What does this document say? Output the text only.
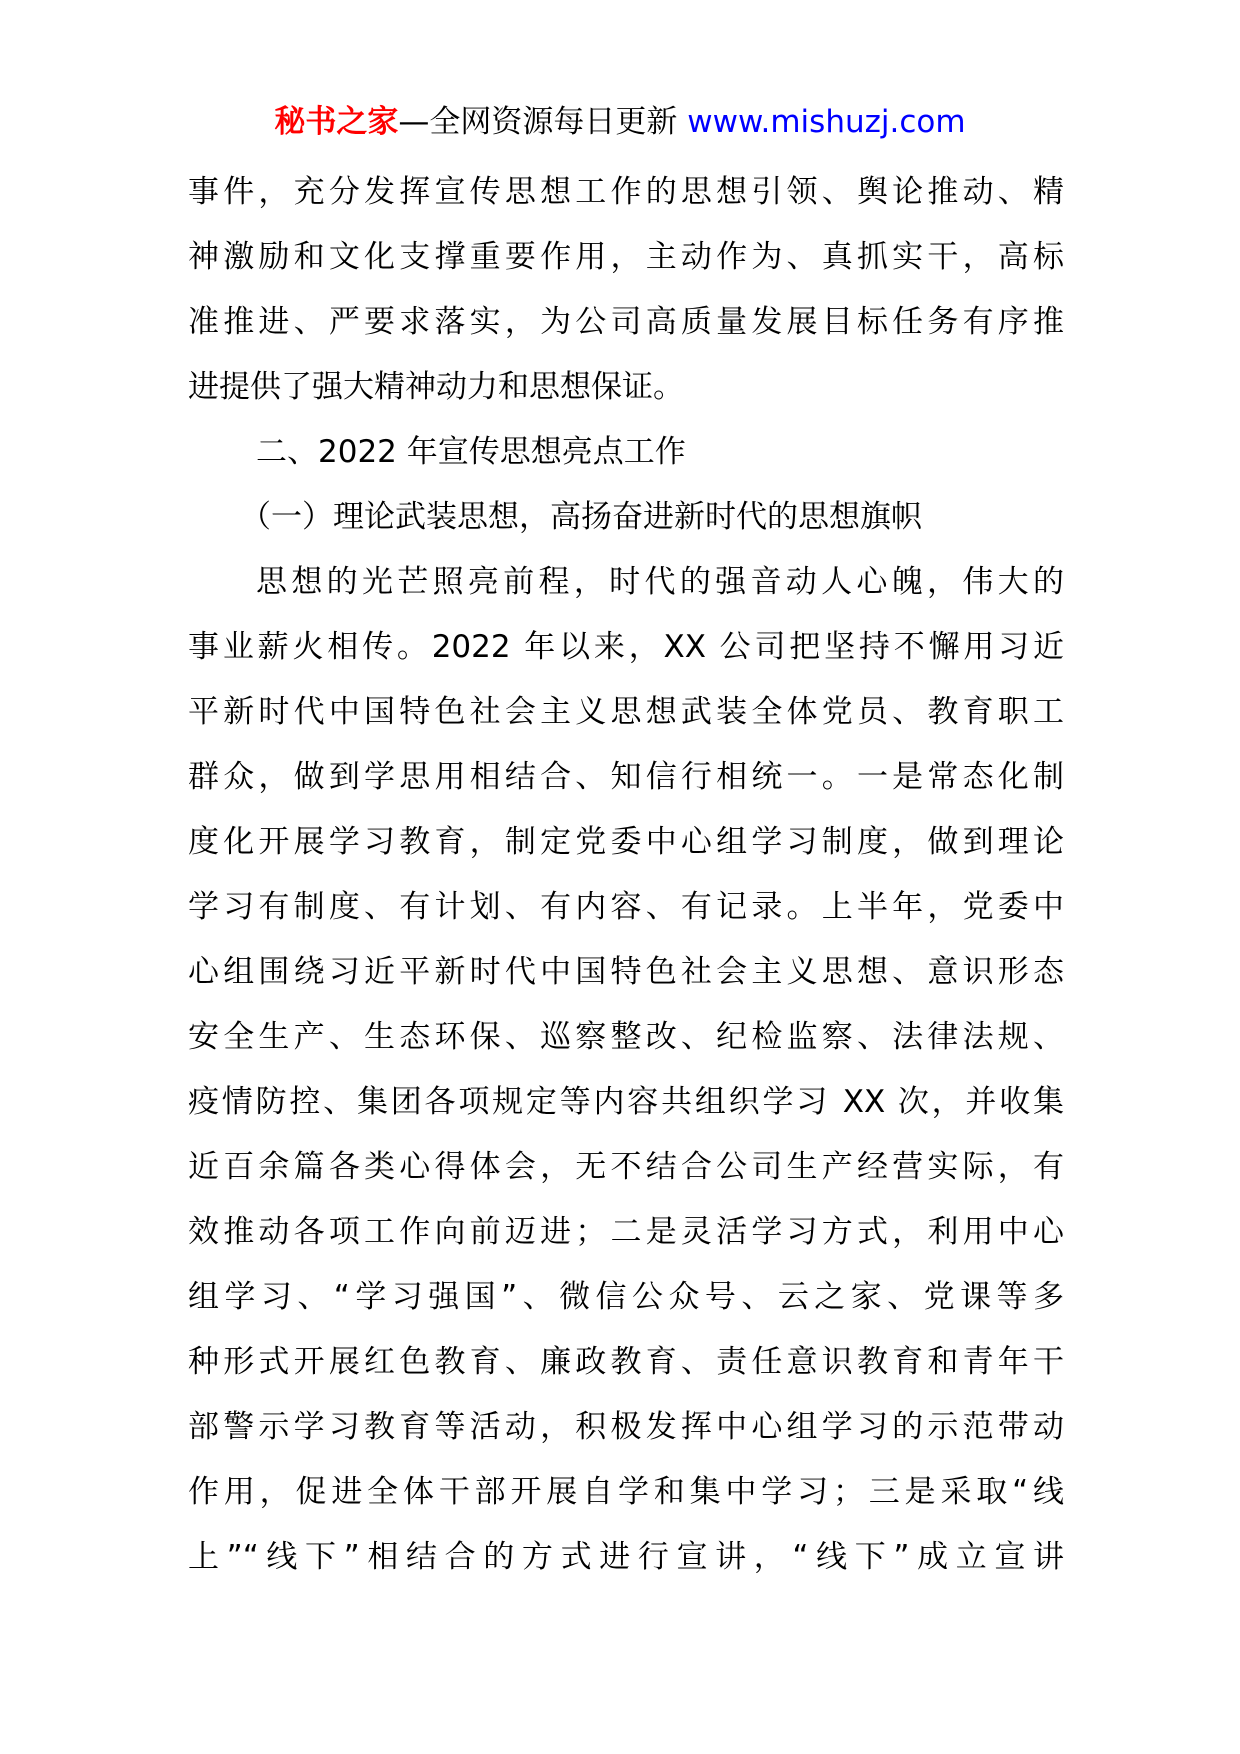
秘书之家—全网资源每日更新 www.mishuzj.com
事件，充分发挥宣传思想工作的思想引领、舆论推动、精
神激励和文化支撑重要作用，主动作为、真抓实干，高标
准推进、严要求落实，为公司高质量发展目标任务有序推
进提供了强大精神动力和思想保证。
二、2022 年宣传思想亮点工作
（一）理论武装思想，高扬奋进新时代的思想旗帜
思想的光芒照亮前程，时代的强音动人心魄，伟大的
事业薪火相传。2022 年以来，XX 公司把坚持不懈用习近
平新时代中国特色社会主义思想武装全体党员、教育职工
群众，做到学思用相结合、知信行相统一。一是常态化制
度化开展学习教育，制定党委中心组学习制度，做到理论
学习有制度、有计划、有内容、有记录。上半年，党委中
心组围绕习近平新时代中国特色社会主义思想、意识形态
安全生产、生态环保、巡察整改、纪检监察、法律法规、
疫情防控、集团各项规定等内容共组织学习 XX 次，并收集
近百余篇各类心得体会，无不结合公司生产经营实际，有
效推动各项工作向前迈进；二是灵活学习方式，利用中心
组学习、“学习强国”、微信公众号、云之家、党课等多
种形式开展红色教育、廉政教育、责任意识教育和青年干
部警示学习教育等活动，积极发挥中心组学习的示范带动
作用，促进全体干部开展自学和集中学习；三是采取“线
上”“线下”相结合的方式进行宣讲，“线下”成立宣讲
